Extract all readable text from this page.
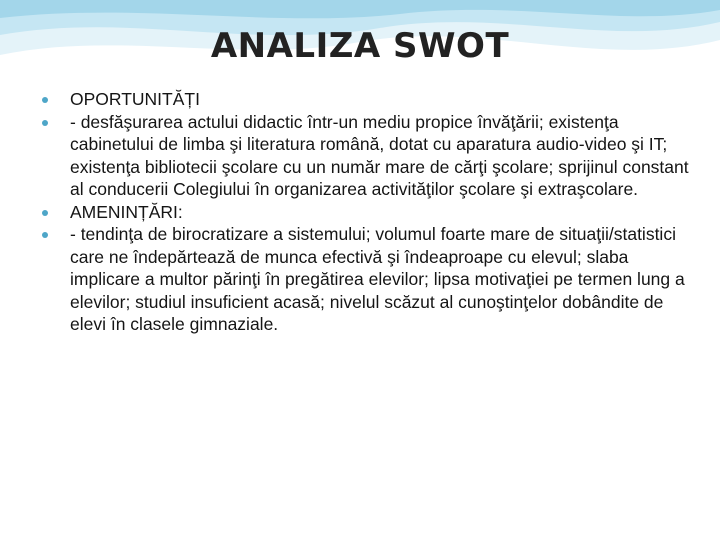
ANALIZA SWOT
OPORTUNITĂȚI
- desfăşurarea actului didactic într-un mediu propice învăţării; existenţa cabinetului de limba şi literatura română, dotat cu aparatura audio-video şi IT; existenţa bibliotecii şcolare cu un număr mare de cărţi şcolare; sprijinul constant al conducerii Colegiului în organizarea activităţilor şcolare şi extraşcolare.
AMENINȚĂRI:
- tendinţa de birocratizare a sistemului; volumul foarte mare de situaţii/statistici care ne îndepărtează de munca efectivă şi îndeaproape cu elevul; slaba implicare a multor părinţi în pregătirea elevilor; lipsa motivaţiei pe termen lung a elevilor; studiul insuficient acasă; nivelul scăzut al cunoştinţelor dobândite de elevi în clasele gimnaziale.
